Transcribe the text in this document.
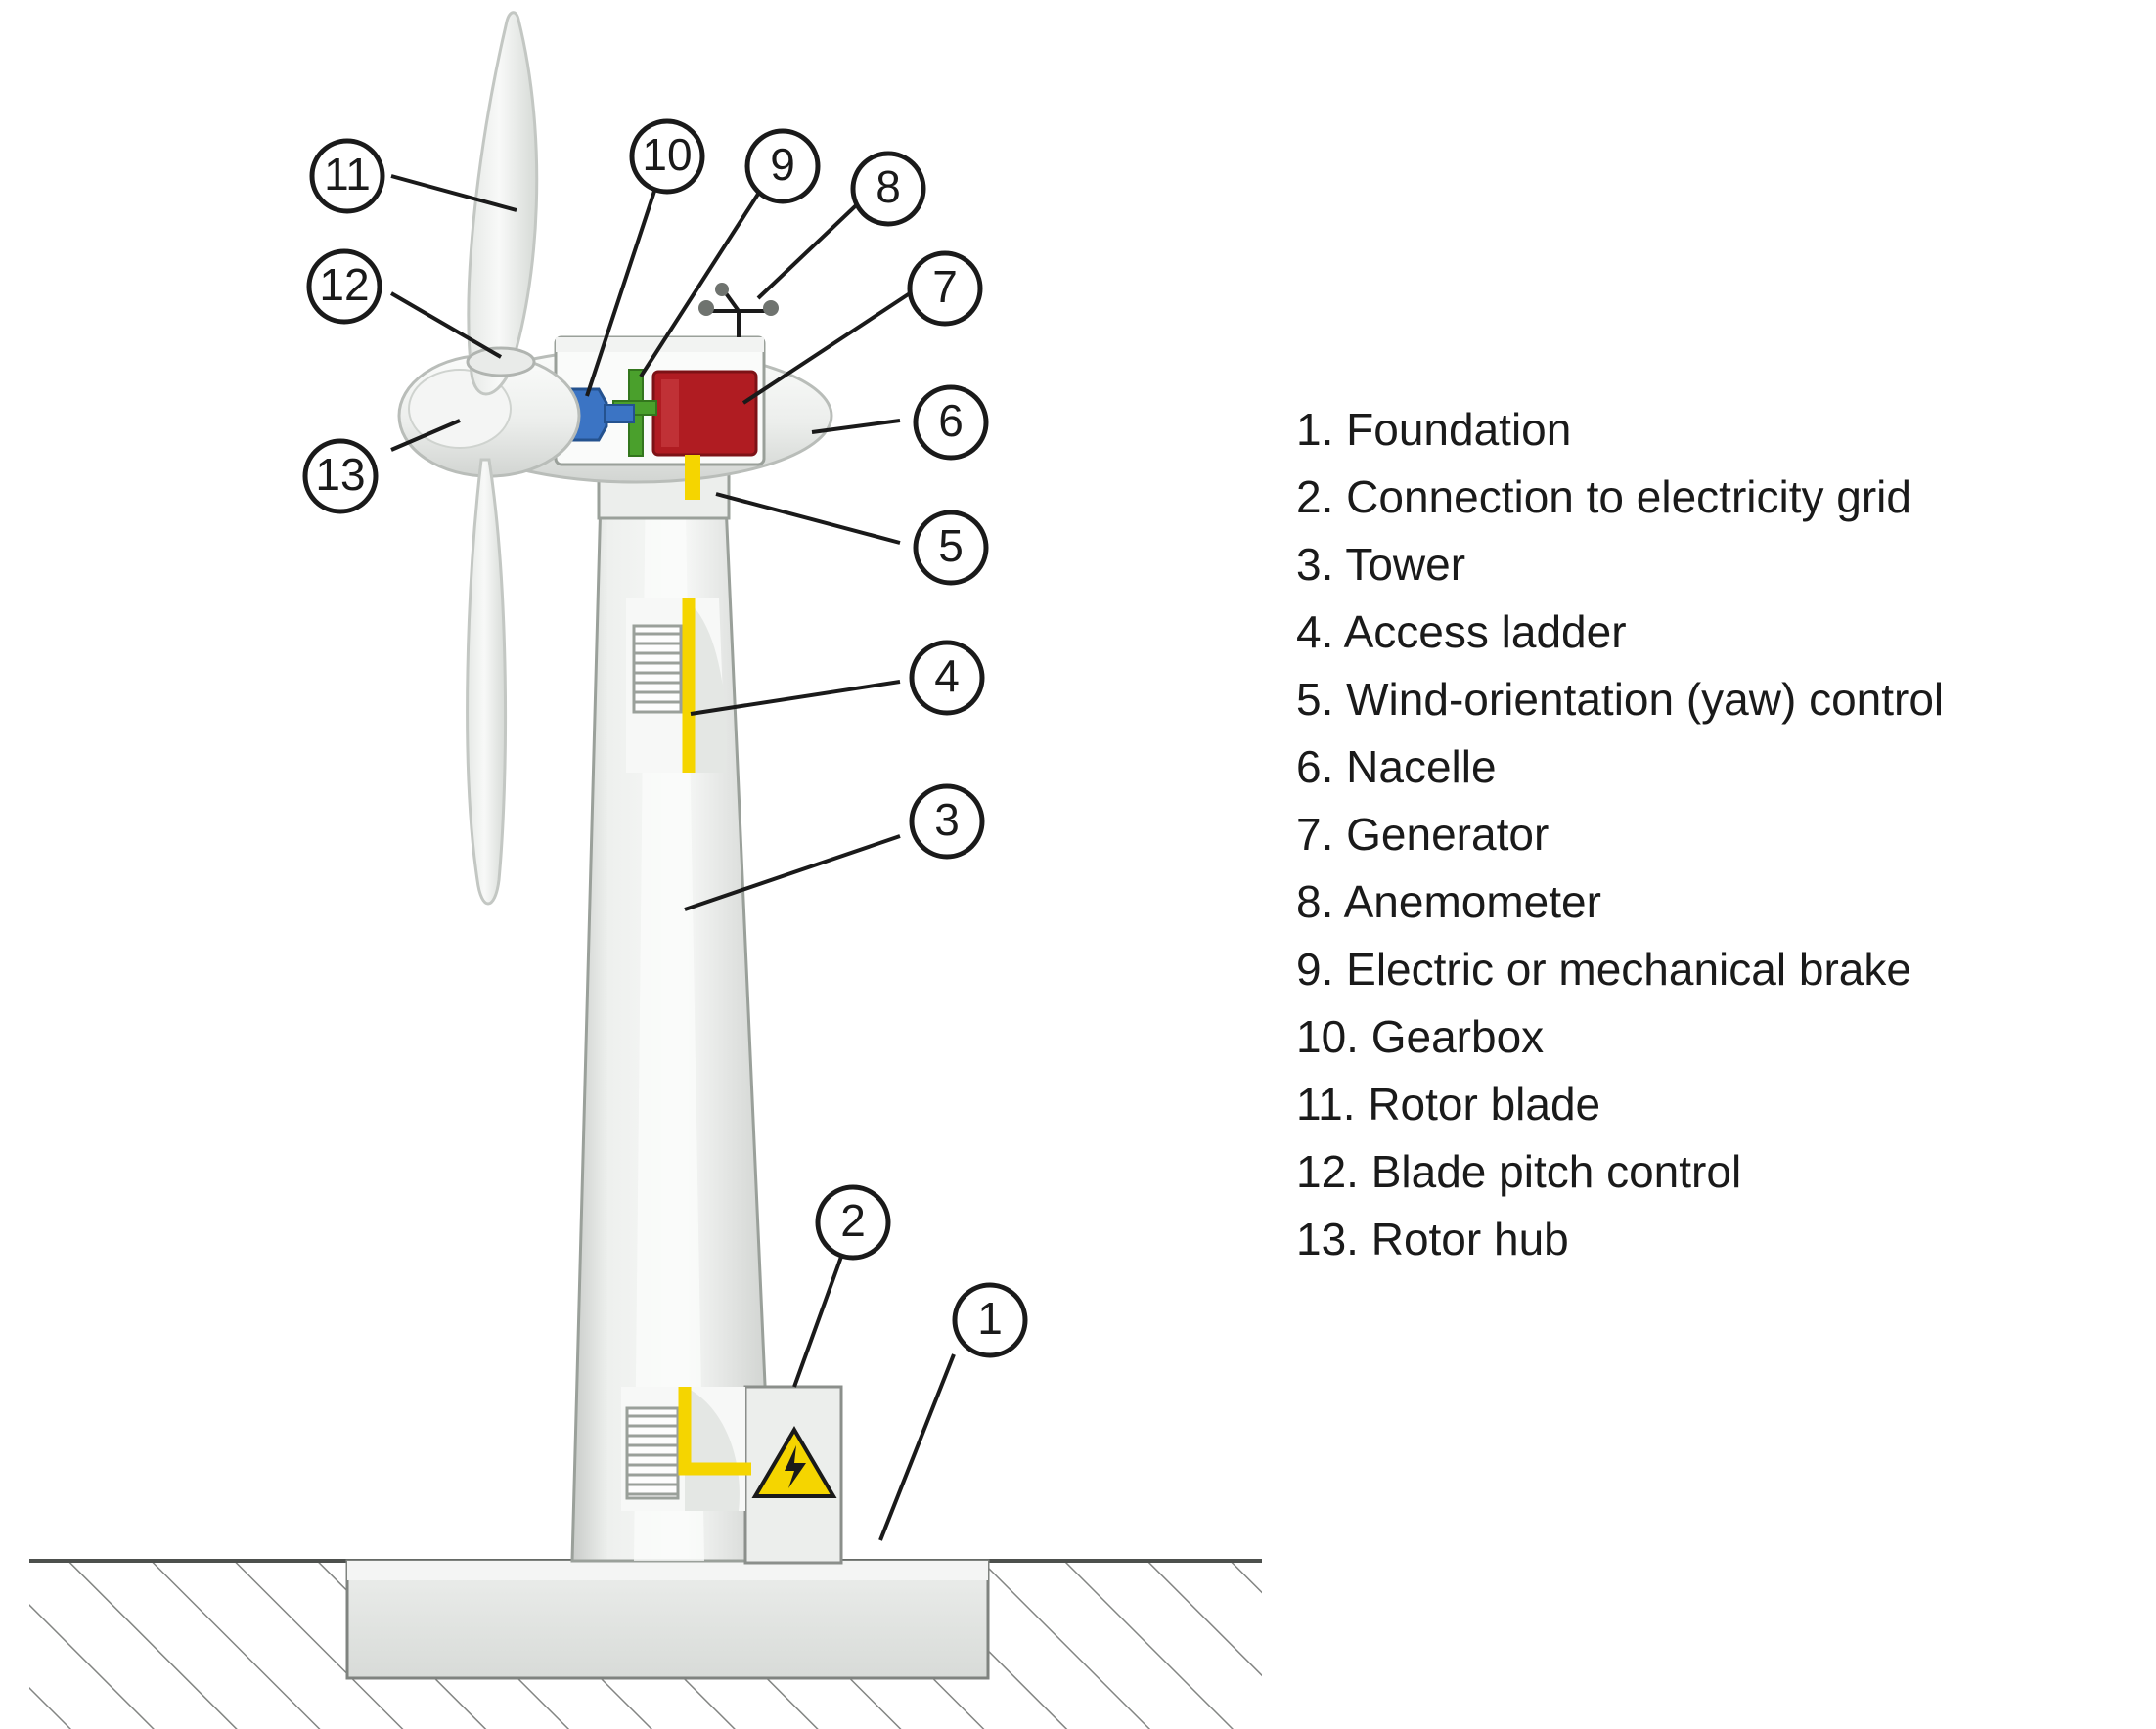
1
2
3
4
5
6
7
8
9
10
11
12
13
1. Foundation
2. Connection to electricity grid
3. Tower
4. Access ladder
5. Wind-orientation (yaw) control
6. Nacelle
7. Generator
8. Anemometer
9. Electric or mechanical brake
10. Gearbox
11. Rotor blade
12. Blade pitch control
13. Rotor hub
